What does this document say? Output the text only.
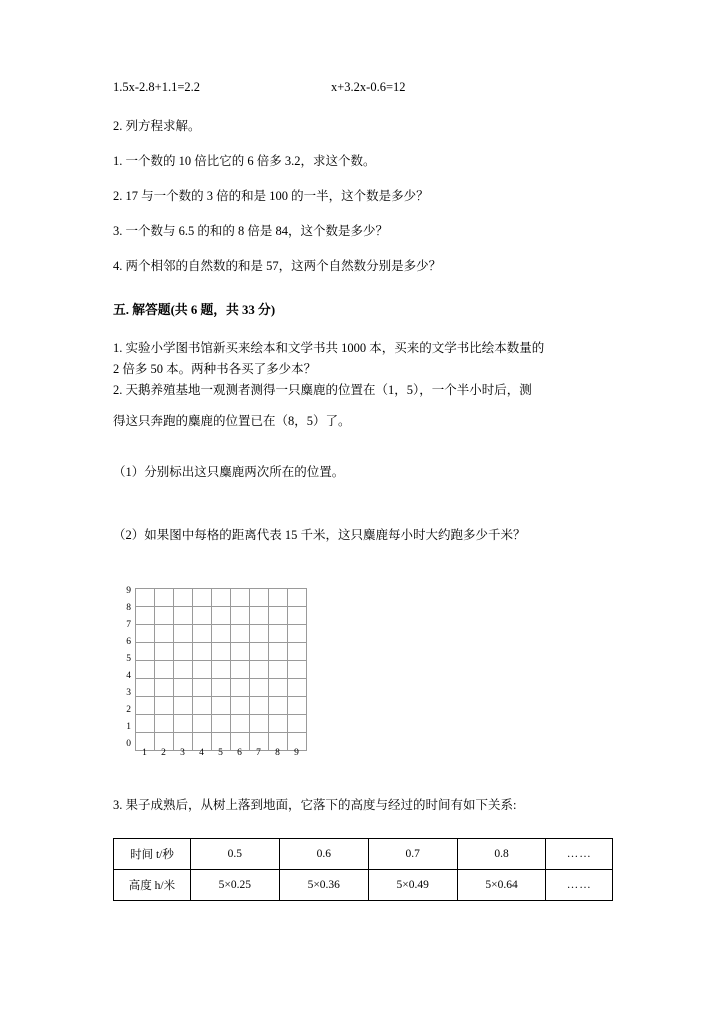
1.5x-2.8+1.1=2.2	x+3.2x-0.6=12

2. 列方程求解。

1. 一个数的 10 倍比它的 6 倍多 3.2，求这个数。

2. 17 与一个数的 3 倍的和是 100 的一半，这个数是多少？

3. 一个数与 6.5 的和的 8 倍是 84，这个数是多少？

4. 两个相邻的自然数的和是 57，这两个自然数分别是多少？

五. 解答题(共 6 题，共 33 分)

1. 实验小学图书馆新买来绘本和文学书共 1000 本，买来的文学书比绘本数量的

2 倍多 50 本。两种书各买了多少本？

2. 天鹅养殖基地一观测者测得一只麋鹿的位置在（1，5），一个半小时后，测

得这只奔跑的麋鹿的位置已在（8，5）了。

（1）分别标出这只麋鹿两次所在的位置。

（2）如果图中每格的距离代表 15 千米，这只麋鹿每小时大约跑多少千米？

9
8
7
6
5
4
3
2
1
0

1 2 3 4 5 6 7 8 9

3. 果子成熟后，从树上落到地面，它落下的高度与经过的时间有如下关系:

时间 t/秒	0.5	0.6	0.7	0.8	……
高度 h/米	5×0.25	5×0.36	5×0.49	5×0.64	……
